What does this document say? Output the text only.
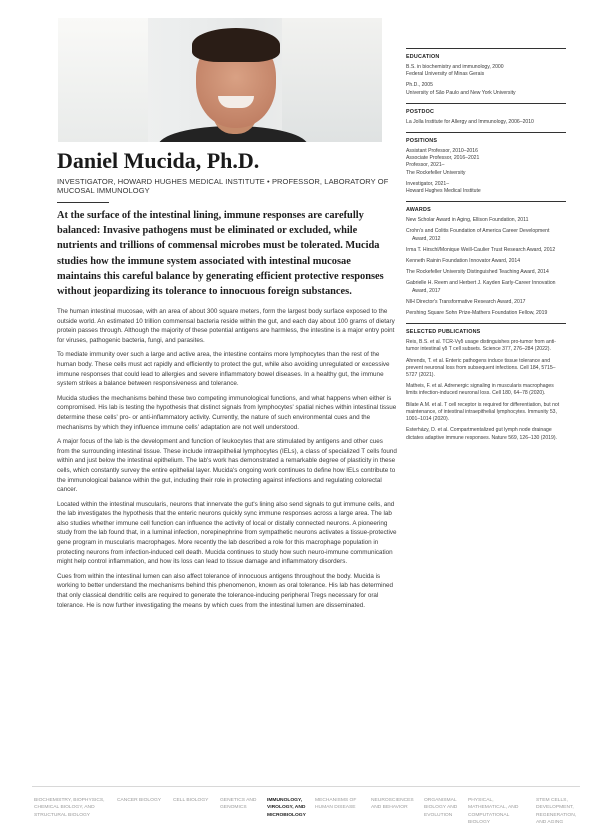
Daniel Mucida, Ph.D.
INVESTIGATOR, HOWARD HUGHES MEDICAL INSTITUTE • PROFESSOR, LABORATORY OF MUCOSAL IMMUNOLOGY

At the surface of the intestinal lining, immune responses are carefully balanced: Invasive pathogens must be eliminated or excluded, while nutrients and trillions of commensal microbes must be tolerated. Mucida studies how the immune system associated with intestinal mucosae maintains this careful balance by generating efficient protective responses without jeopardizing its tolerance to innocuous foreign substances.

The human intestinal mucosae, with an area of about 300 square meters, form the largest body surface exposed to the outside world. An estimated 10 trillion commensal bacteria reside within the gut, and each day about 100 grams of dietary protein passes through. Although the majority of these potential antigens are harmless, the intestine is a major entry point for viruses, pathogenic bacteria, fungi, and parasites.

To mediate immunity over such a large and active area, the intestine contains more lymphocytes than the rest of the human body. These cells must act rapidly and efficiently to protect the gut, while also avoiding unregulated or excessive immune responses that could lead to allergies and severe inflammatory bowel diseases. In a healthy gut, the immune system strikes a balance between responsiveness and tolerance.

Mucida studies the mechanisms behind these two competing immunological functions, and what happens when either is compromised. His lab is testing the hypothesis that distinct signals from lymphocytes' spatial niches within intestinal tissue determine these cells' pro- or anti-inflammatory activity. Currently, the nature of such environmental cues and the mechanisms by which they influence immune cells' adaptation are not well understood.

A major focus of the lab is the development and function of leukocytes that are stimulated by antigens and other cues from the surrounding intestinal tissue. These include intraepithelial lymphocytes (IELs), a class of specialized T cells found within and just below the intestinal epithelium. The lab's work has demonstrated a remarkable degree of plasticity in these cells, which constantly survey the entire epithelial layer. Mucida's ongoing work continues to define how IELs contribute to the immunological balance within the gut, including their role in protecting against infections and regulating colorectal cancer.

Located within the intestinal muscularis, neurons that innervate the gut's lining also send signals to gut immune cells, and the lab investigates the hypothesis that the enteric neurons quickly sync immune responses across a large area. The lab also studies whether immune cell function can influence the activity of local or distally connected neurons. A pioneering study from the lab found that, in a luminal infection, norepinephrine from sympathetic neurons activates a tissue-protective gene program in muscularis macrophages. More recently the lab described a role for this macrophage population in protecting neurons from infection-induced cell death. Mucida continues to study how such neuro-immune communication might help control inflammation, and how its loss can lead to tissue damage and inflammatory disorders.

Cues from within the intestinal lumen can also affect tolerance of innocuous antigens throughout the body. Mucida is working to better understand the mechanisms behind this phenomenon, known as oral tolerance. His lab has determined that only classical dendritic cells are required to generate the tolerance-inducing peripheral Tregs necessary for oral tolerance. He is now further investigating the means by which cues from the intestinal lumen are disseminated.

EDUCATION
B.S. in biochemistry and immunology, 2000
Federal University of Minas Gerais
Ph.D., 2005
University of São Paulo and New York University
POSTDOC
La Jolla Institute for Allergy and Immunology, 2006–2010
POSITIONS
Assistant Professor, 2010–2016
Associate Professor, 2016–2021
Professor, 2021–
The Rockefeller University
Investigator, 2021–
Howard Hughes Medical Institute
AWARDS
New Scholar Award in Aging, Ellison Foundation, 2011
Crohn's and Colitis Foundation of America Career Development
Award, 2012
Irma T. Hirschl/Monique Weill-Caulier Trust Research Award, 2012
Kenneth Rainin Foundation Innovator Award, 2014
The Rockefeller University Distinguished Teaching Award, 2014
Gabrielle H. Reem and Herbert J. Kayden Early-Career Innovation
Award, 2017
NIH Director's Transformative Research Award, 2017
Pershing Square Sohn Prize-Mathers Foundation Fellow, 2019
SELECTED PUBLICATIONS
Reis, B.S. et al. TCR-Vγδ usage distinguishes pro-tumor from anti-tumor intestinal γδ T cell subsets. Science 377, 276–284 (2022).
Ahrends, T. et al. Enteric pathogens induce tissue tolerance and prevent neuronal loss from subsequent infections. Cell 184, 5715–5727 (2021).
Matheis, F. et al. Adrenergic signaling in muscularis macrophages limits infection-induced neuronal loss. Cell 180, 64–78 (2020).
Bilate A.M. et al. T cell receptor is required for differentiation, but not maintenance, of intestinal intraepithelial lymphocytes. Immunity 53, 1001–1014 (2020).
Esterházy, D. et al. Compartmentalized gut lymph node drainage dictates adaptive immune responses. Nature 569, 126–130 (2019).
BIOCHEMISTRY, BIOPHYSICS, CHEMICAL BIOLOGY, AND STRUCTURAL BIOLOGY
CANCER BIOLOGY	CELL BIOLOGY	GENETICS AND GENOMICS
IMMUNOLOGY, VIROLOGY, AND MICROBIOLOGY
MECHANISMS OF HUMAN DISEASE
NEUROSCIENCES AND BEHAVIOR
ORGANISMAL BIOLOGY AND EVOLUTION
PHYSICAL, MATHEMATICAL, AND COMPUTATIONAL BIOLOGY
STEM CELLS, DEVELOPMENT, REGENERATION, AND AGING
